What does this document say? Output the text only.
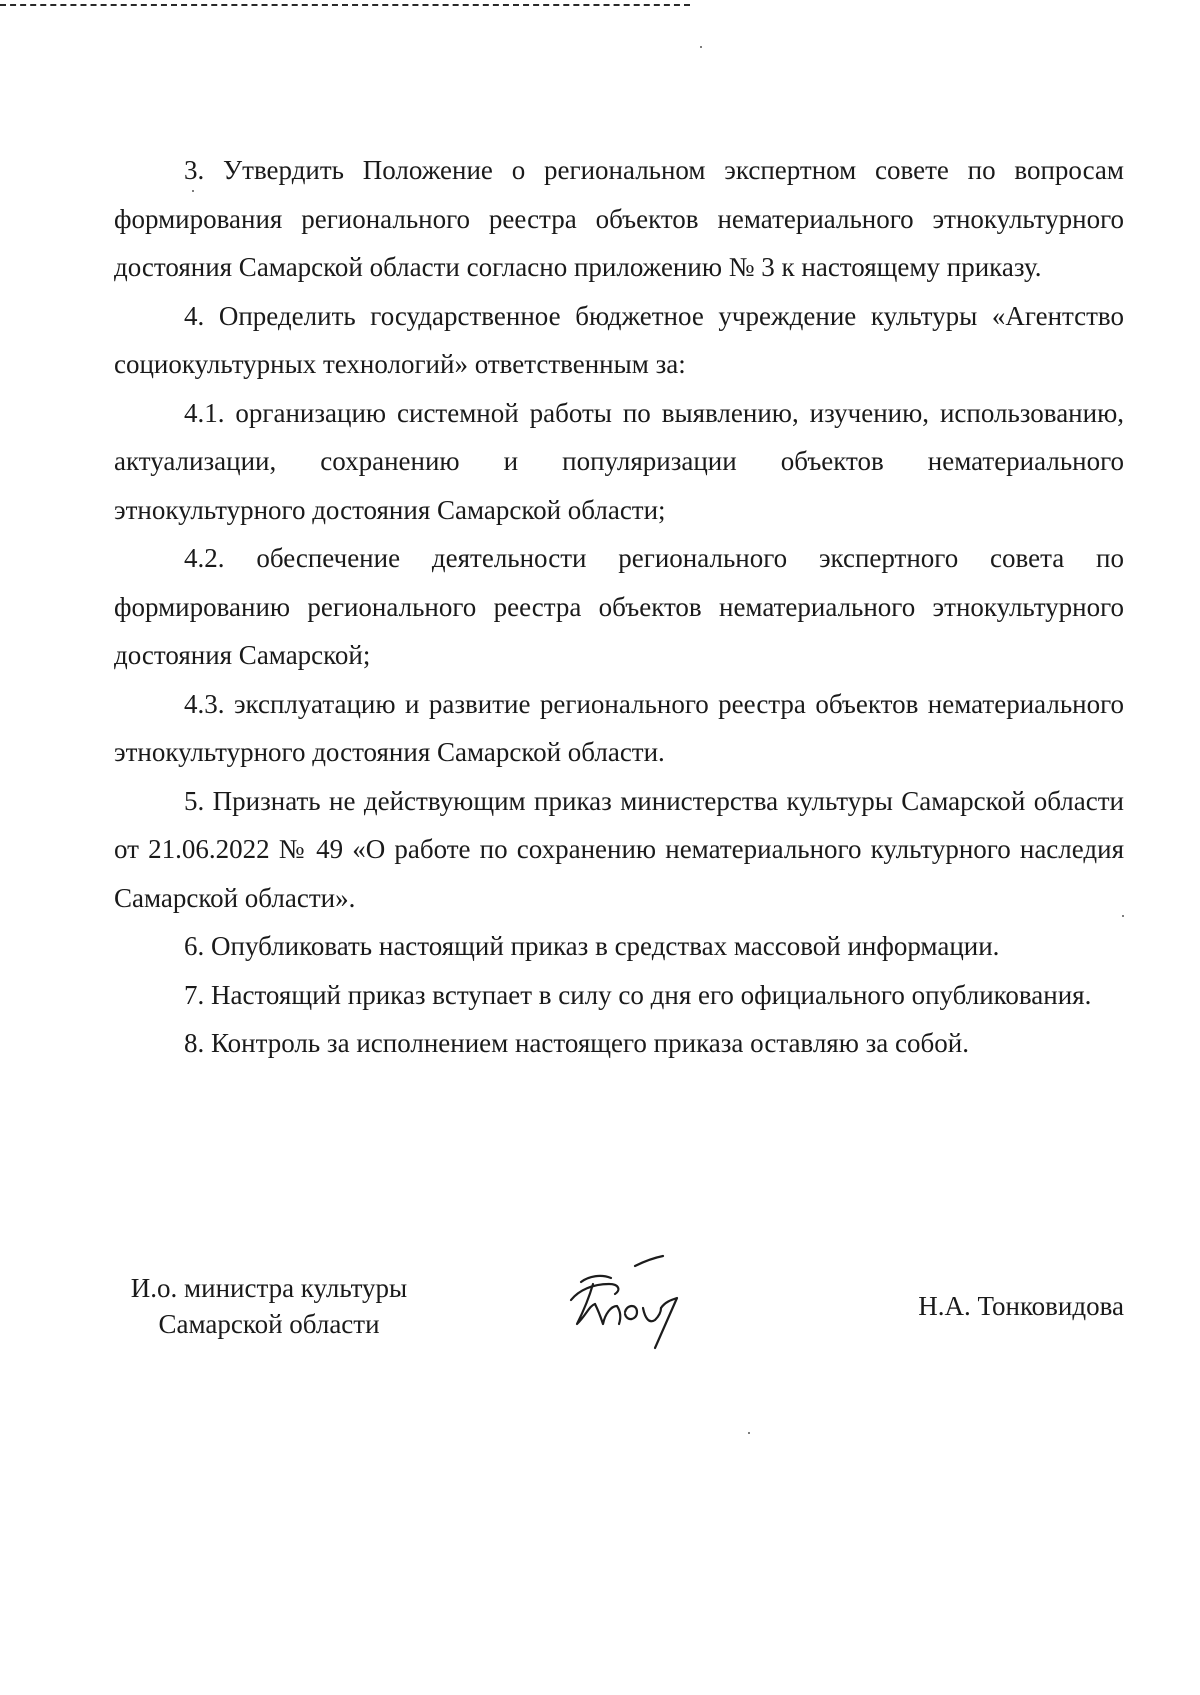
3. Утвердить Положение о региональном экспертном совете по вопросам формирования регионального реестра объектов нематериального этнокультурного достояния Самарской области согласно приложению № 3 к настоящему приказу.

4. Определить государственное бюджетное учреждение культуры «Агентство социокультурных технологий» ответственным за:

4.1. организацию системной работы по выявлению, изучению, использованию, актуализации, сохранению и популяризации объектов нематериального этнокультурного достояния Самарской области;

4.2. обеспечение деятельности регионального экспертного совета по формированию регионального реестра объектов нематериального этнокультурного достояния Самарской;

4.3. эксплуатацию и развитие регионального реестра объектов нематериального этнокультурного достояния Самарской области.

5. Признать не действующим приказ министерства культуры Самарской области от 21.06.2022 № 49 «О работе по сохранению нематериального культурного наследия Самарской области».

6. Опубликовать настоящий приказ в средствах массовой информации.

7. Настоящий приказ вступает в силу со дня его официального опубликования.

8. Контроль за исполнением настоящего приказа оставляю за собой.

И.о. министра культуры
Самарской области
Н.А. Тонковидова
